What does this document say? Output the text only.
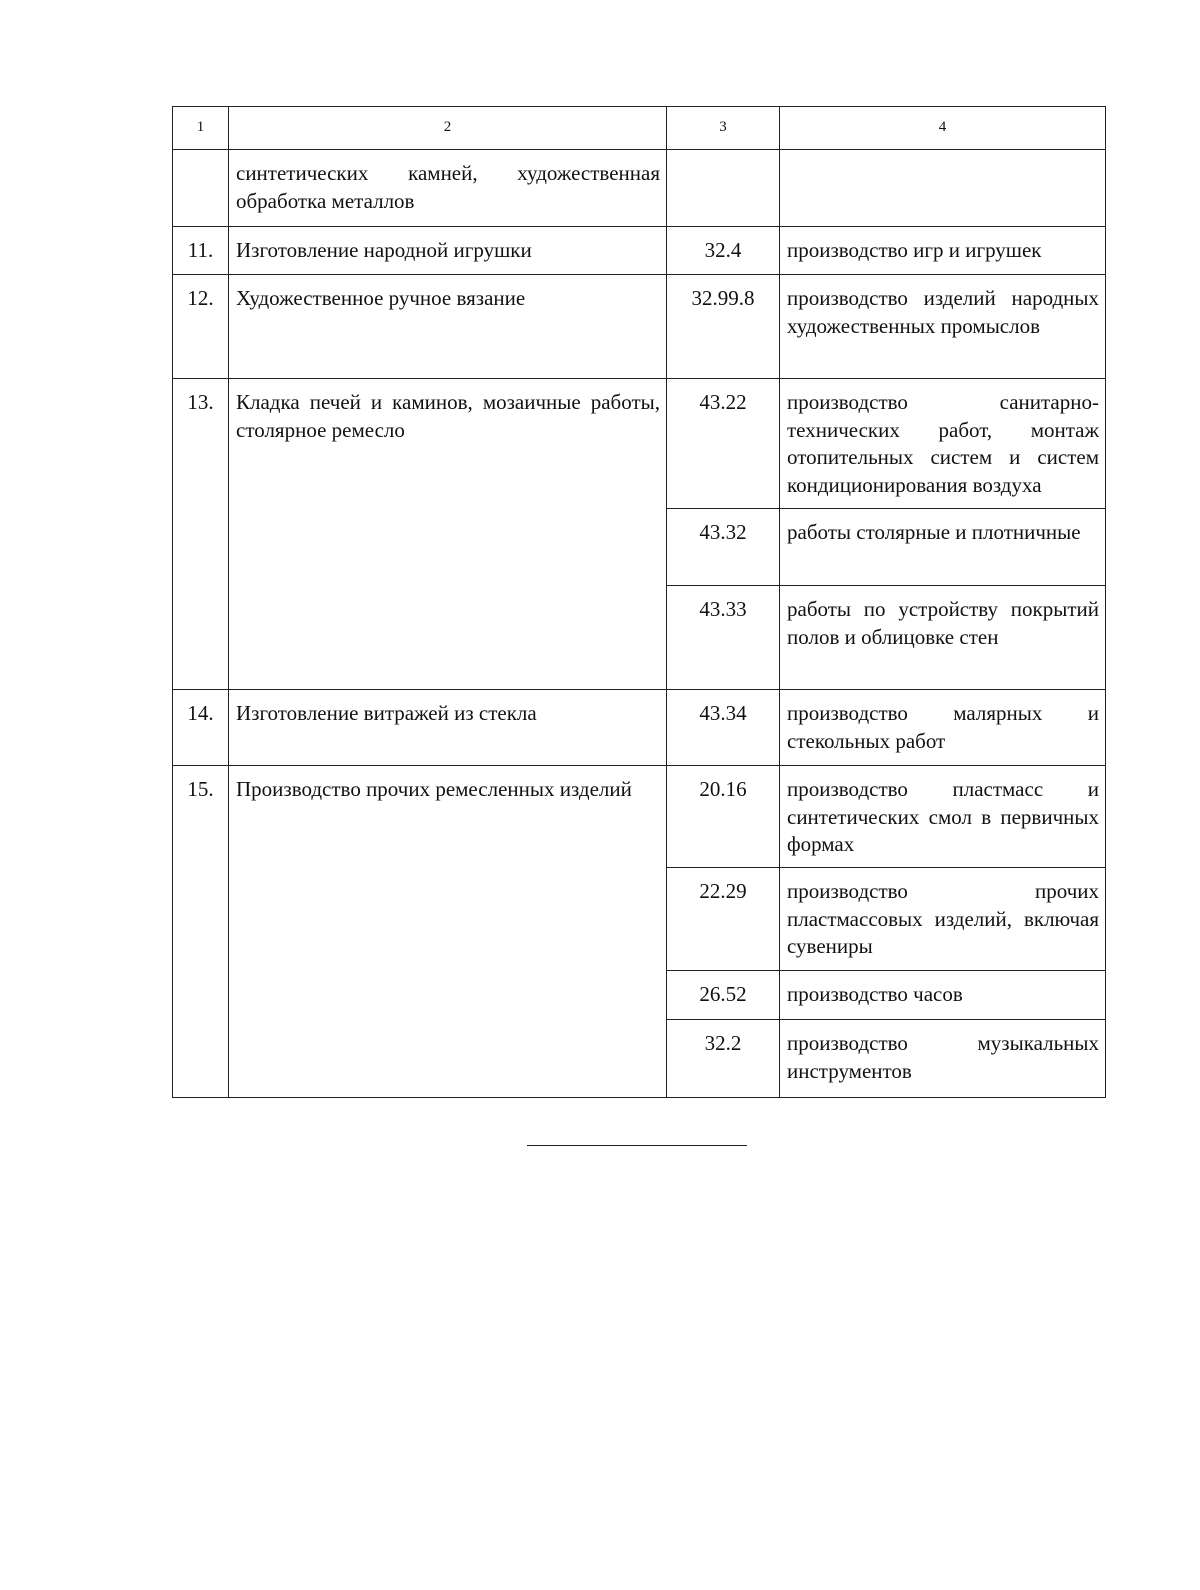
1	2	3	4
	синтетических камней, художественная обработка металлов		
11.	Изготовление народной игрушки	32.4	производство игр и игрушек
12.	Художественное ручное вязание	32.99.8	производство изделий народных художественных промыслов
13.	Кладка печей и каминов, мозаичные работы, столярное ремесло	43.22	производство санитарно-технических работ, монтаж отопительных систем и систем кондиционирования воздуха
		43.32	работы столярные и плотничные
		43.33	работы по устройству покрытий полов и облицовке стен
14.	Изготовление витражей из стекла	43.34	производство малярных и стекольных работ
15.	Производство прочих ремесленных изделий	20.16	производство пластмасс и синтетических смол в первичных формах
		22.29	производство прочих пластмассовых изделий, включая сувениры
		26.52	производство часов
		32.2	производство музыкальных инструментов
